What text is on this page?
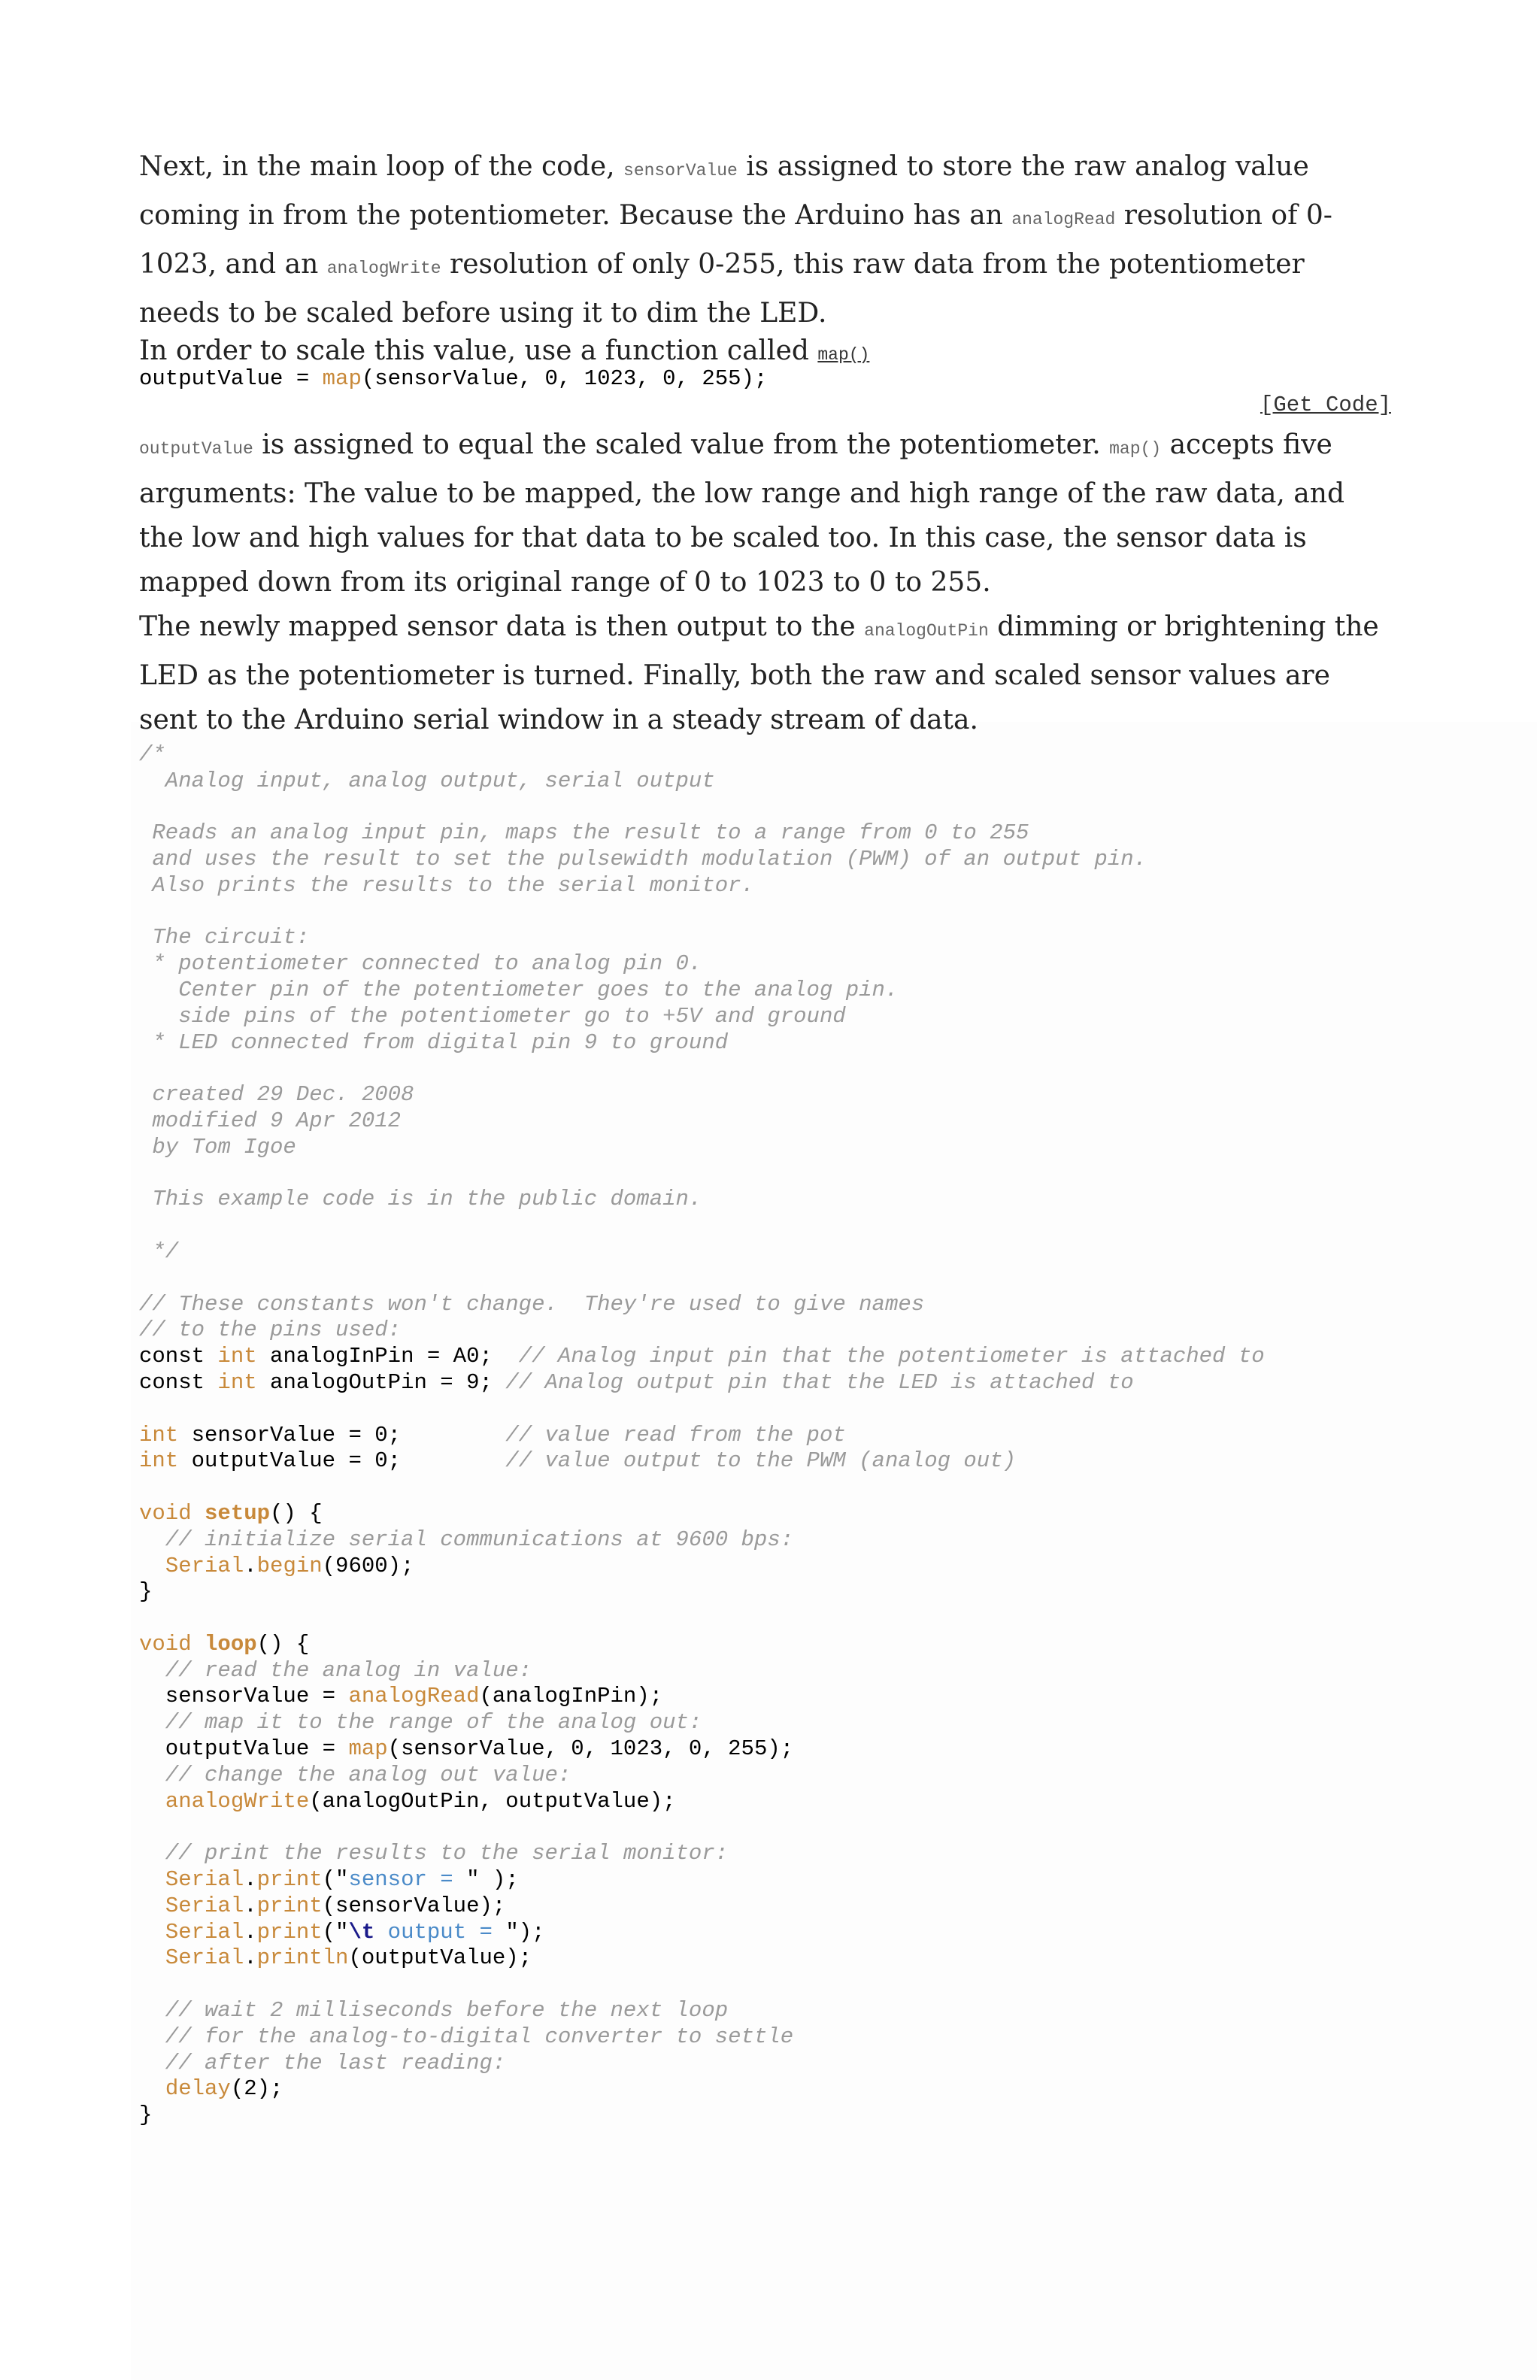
Next, in the main loop of the code, sensorValue is assigned to store the raw analog value coming in from the potentiometer. Because the Arduino has an analogRead resolution of 0-1023, and an analogWrite resolution of only 0-255, this raw data from the potentiometer needs to be scaled before using it to dim the LED.

In order to scale this value, use a function called map()

outputValue = map(sensorValue, 0, 1023, 0, 255);
[Get Code]

outputValue is assigned to equal the scaled value from the potentiometer. map() accepts five arguments: The value to be mapped, the low range and high range of the raw data, and the low and high values for that data to be scaled too. In this case, the sensor data is mapped down from its original range of 0 to 1023 to 0 to 255.

The newly mapped sensor data is then output to the analogOutPin dimming or brightening the LED as the potentiometer is turned. Finally, both the raw and scaled sensor values are sent to the Arduino serial window in a steady stream of data.

/*
Analog input, analog output, serial output

Reads an analog input pin, maps the result to a range from 0 to 255
and uses the result to set the pulsewidth modulation (PWM) of an output pin.
Also prints the results to the serial monitor.

The circuit:
* potentiometer connected to analog pin 0.
Center pin of the potentiometer goes to the analog pin.
side pins of the potentiometer go to +5V and ground
* LED connected from digital pin 9 to ground

created 29 Dec. 2008
modified 9 Apr 2012
by Tom Igoe

This example code is in the public domain.

*/

// These constants won't change.  They're used to give names
// to the pins used:
const int analogInPin = A0;  // Analog input pin that the potentiometer is attached to
const int analogOutPin = 9; // Analog output pin that the LED is attached to

int sensorValue = 0;        // value read from the pot
int outputValue = 0;        // value output to the PWM (analog out)

void setup() {
// initialize serial communications at 9600 bps:
Serial.begin(9600);
}

void loop() {
// read the analog in value:
sensorValue = analogRead(analogInPin);
// map it to the range of the analog out:
outputValue = map(sensorValue, 0, 1023, 0, 255);
// change the analog out value:
analogWrite(analogOutPin, outputValue);

// print the results to the serial monitor:
Serial.print("sensor = " );
Serial.print(sensorValue);
Serial.print("\t output = ");
Serial.println(outputValue);

// wait 2 milliseconds before the next loop
// for the analog-to-digital converter to settle
// after the last reading:
delay(2);
}
